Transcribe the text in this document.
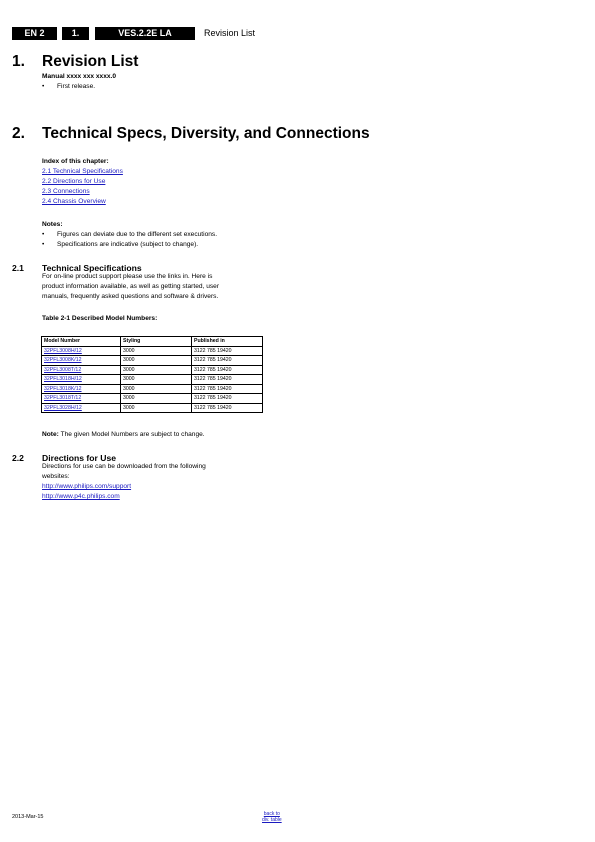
EN 2	1.	VES.2.2E LA	Revision List
1. Revision List
Manual xxxx xxx xxxx.0
• First release.
2. Technical Specs, Diversity, and Connections
Index of this chapter:
2.1 Technical Specifications
2.2 Directions for Use
2.3 Connections
2.4 Chassis Overview
Notes:
• Figures can deviate due to the different set executions.
• Specifications are indicative (subject to change).
2.1 Technical Specifications
For on-line product support please use the links in. Here is
product information available, as well as getting started, user
manuals, frequently asked questions and software & drivers.
Table 2-1 Described Model Numbers:
Model Number	Styling	Published in
32PFL3008H/12	3000	3122 785 19420
32PFL3008K/12	3000	3122 785 19420
32PFL3008T/12	3000	3122 785 19420
32PFL3018H/12	3000	3122 785 19420
32PFL3018K/12	3000	3122 785 19420
32PFL3018T/12	3000	3122 785 19420
32PFL3028H/12	3000	3122 785 19420
Note: The given Model Numbers are subject to change.
2.2 Directions for Use
Directions for use can be downloaded from the following
websites:
http://www.philips.com/support
http://www.p4c.philips.com
2013-Mar-15	back to
div. table
